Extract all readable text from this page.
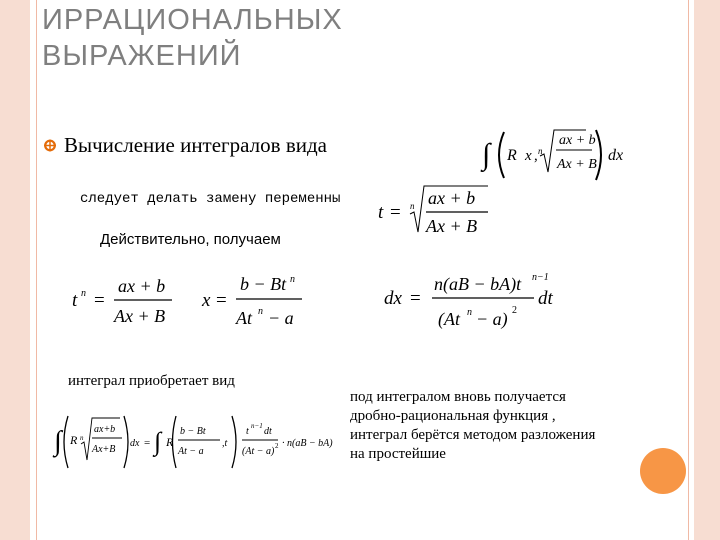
ИРРАЦИОНАЛЬНЫХ
ВЫРАЖЕНИЙ
Вычисление интегралов вида	∫ R x , n
ax + b
Ax + B
dx
следует делать замену переменны
t = n ax + b
Ax + B
Действительно, получаем
t n =
ax + b
Ax + B
x =
b − Bt n
At n − a
dx =
n(aB − bA)t n−1
(At n − a) 2
dt
интеграл приобретает вид
∫ R n
ax+b
Ax+B
dx = ∫ R
b − Bt
At − a
,t
t n−1 dt
(At − a) 2 · n(aB − bA)
под интегралом вновь получается
дробно-рациональная функция ,
интеграл берётся методом разложения
на простейшие
